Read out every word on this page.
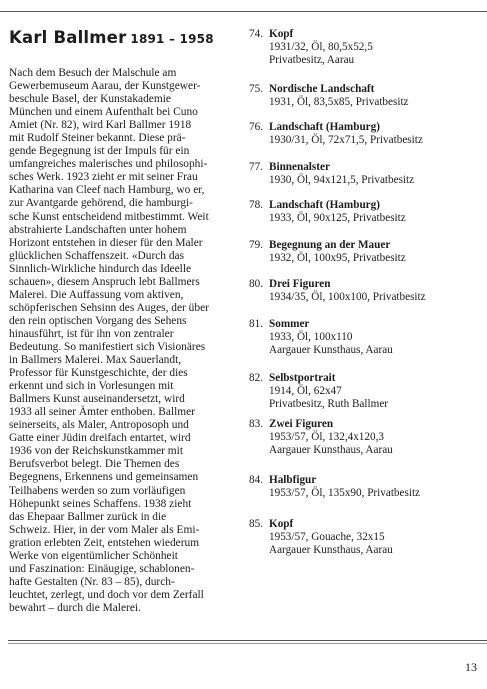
Karl Ballmer 1891 – 1958
Nach dem Besuch der Malschule am
Gewerbemuseum Aarau, der Kunstgewer-
beschule Basel, der Kunstakademie
München und einem Aufenthalt bei Cuno
Amiet (Nr. 82), wird Karl Ballmer 1918
mit Rudolf Steiner bekannt. Diese prä-
gende Begegnung ist der Impuls für ein
umfangreiches malerisches und philosophi-
sches Werk. 1923 zieht er mit seiner Frau
Katharina van Cleef nach Hamburg, wo er,
zur Avantgarde gehörend, die hamburgi-
sche Kunst entscheidend mitbestimmt. Weit
abstrahierte Landschaften unter hohem
Horizont entstehen in dieser für den Maler
glücklichen Schaffenszeit. «Durch das
Sinnlich-Wirkliche hindurch das Ideelle
schauen», diesem Anspruch lebt Ballmers
Malerei. Die Auffassung vom aktiven,
schöpferischen Sehsinn des Auges, der über
den rein optischen Vorgang des Sehens
hinausführt, ist für ihn von zentraler
Bedeutung. So manifestiert sich Visionäres
in Ballmers Malerei. Max Sauerlandt,
Professor für Kunstgeschichte, der dies
erkennt und sich in Vorlesungen mit
Ballmers Kunst auseinandersetzt, wird
1933 all seiner Ämter enthoben. Ballmer
seinerseits, als Maler, Antroposoph und
Gatte einer Jüdin dreifach entartet, wird
1936 von der Reichskunstkammer mit
Berufsverbot belegt. Die Themen des
Begegnens, Erkennens und gemeinsamen
Teilhabens werden so zum vorläufigen
Höhepunkt seines Schaffens. 1938 zieht
das Ehepaar Ballmer zurück in die
Schweiz. Hier, in der vom Maler als Emi-
gration erlebten Zeit, entstehen wiederum
Werke von eigentümlicher Schönheit
und Faszination: Einäugige, schablonen-
hafte Gestalten (Nr. 83 – 85), durch-
leuchtet, zerlegt, und doch vor dem Zerfall
bewahrt – durch die Malerei.
74. Kopf
1931/32, Öl, 80,5x52,5
Privatbesitz, Aarau
75. Nordische Landschaft
1931, Öl, 83,5x85, Privatbesitz
76. Landschaft (Hamburg)
1930/31, Öl, 72x71,5, Privatbesitz
77. Binnenalster
1930, Öl, 94x121,5, Privatbesitz
78. Landschaft (Hamburg)
1933, Öl, 90x125, Privatbesitz
79. Begegnung an der Mauer
1932, Öl, 100x95, Privatbesitz
80. Drei Figuren
1934/35, Öl, 100x100, Privatbesitz
81. Sommer
1933, Öl, 100x110
Aargauer Kunsthaus, Aarau
82. Selbstportrait
1914, Öl, 62x47
Privatbesitz, Ruth Ballmer
83. Zwei Figuren
1953/57, Öl, 132,4x120,3
Aargauer Kunsthaus, Aarau
84. Halbfigur
1953/57, Öl, 135x90, Privatbesitz
85. Kopf
1953/57, Gouache, 32x15
Aargauer Kunsthaus, Aarau
13
